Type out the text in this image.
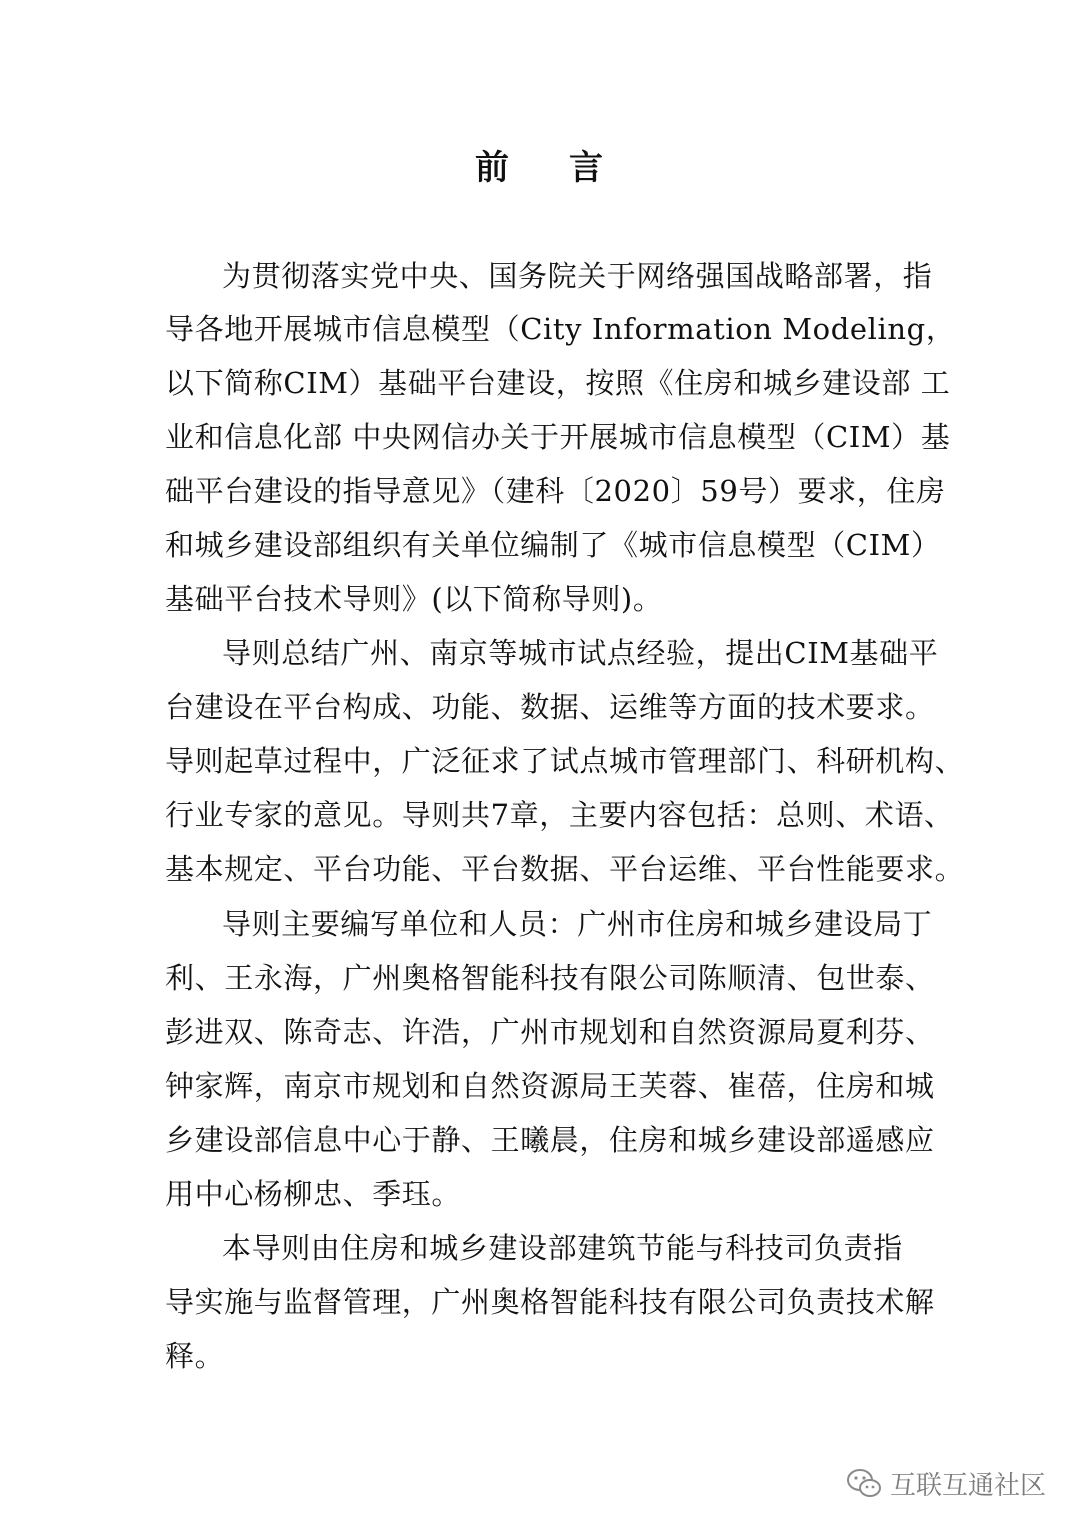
前 言
为贯彻落实党中央、国务院关于网络强国战略部署，指
导各地开展城市信息模型（City Information Modeling，
以下简称CIM）基础平台建设，按照《住房和城乡建设部 工
业和信息化部 中央网信办关于开展城市信息模型（CIM）基
础平台建设的指导意见》（建科〔2020〕59号）要求，住房
和城乡建设部组织有关单位编制了《城市信息模型（CIM）
基础平台技术导则》(以下简称导则)。
导则总结广州、南京等城市试点经验，提出CIM基础平
台建设在平台构成、功能、数据、运维等方面的技术要求。
导则起草过程中，广泛征求了试点城市管理部门、科研机构、
行业专家的意见。导则共7章，主要内容包括：总则、术语、
基本规定、平台功能、平台数据、平台运维、平台性能要求。
导则主要编写单位和人员：广州市住房和城乡建设局丁
利、王永海，广州奥格智能科技有限公司陈顺清、包世泰、
彭进双、陈奇志、许浩，广州市规划和自然资源局夏利芬、
钟家辉，南京市规划和自然资源局王芙蓉、崔蓓，住房和城
乡建设部信息中心于静、王曦晨，住房和城乡建设部遥感应
用中心杨柳忠、季珏。
本导则由住房和城乡建设部建筑节能与科技司负责指
导实施与监督管理，广州奥格智能科技有限公司负责技术解
释。
互联互通社区
